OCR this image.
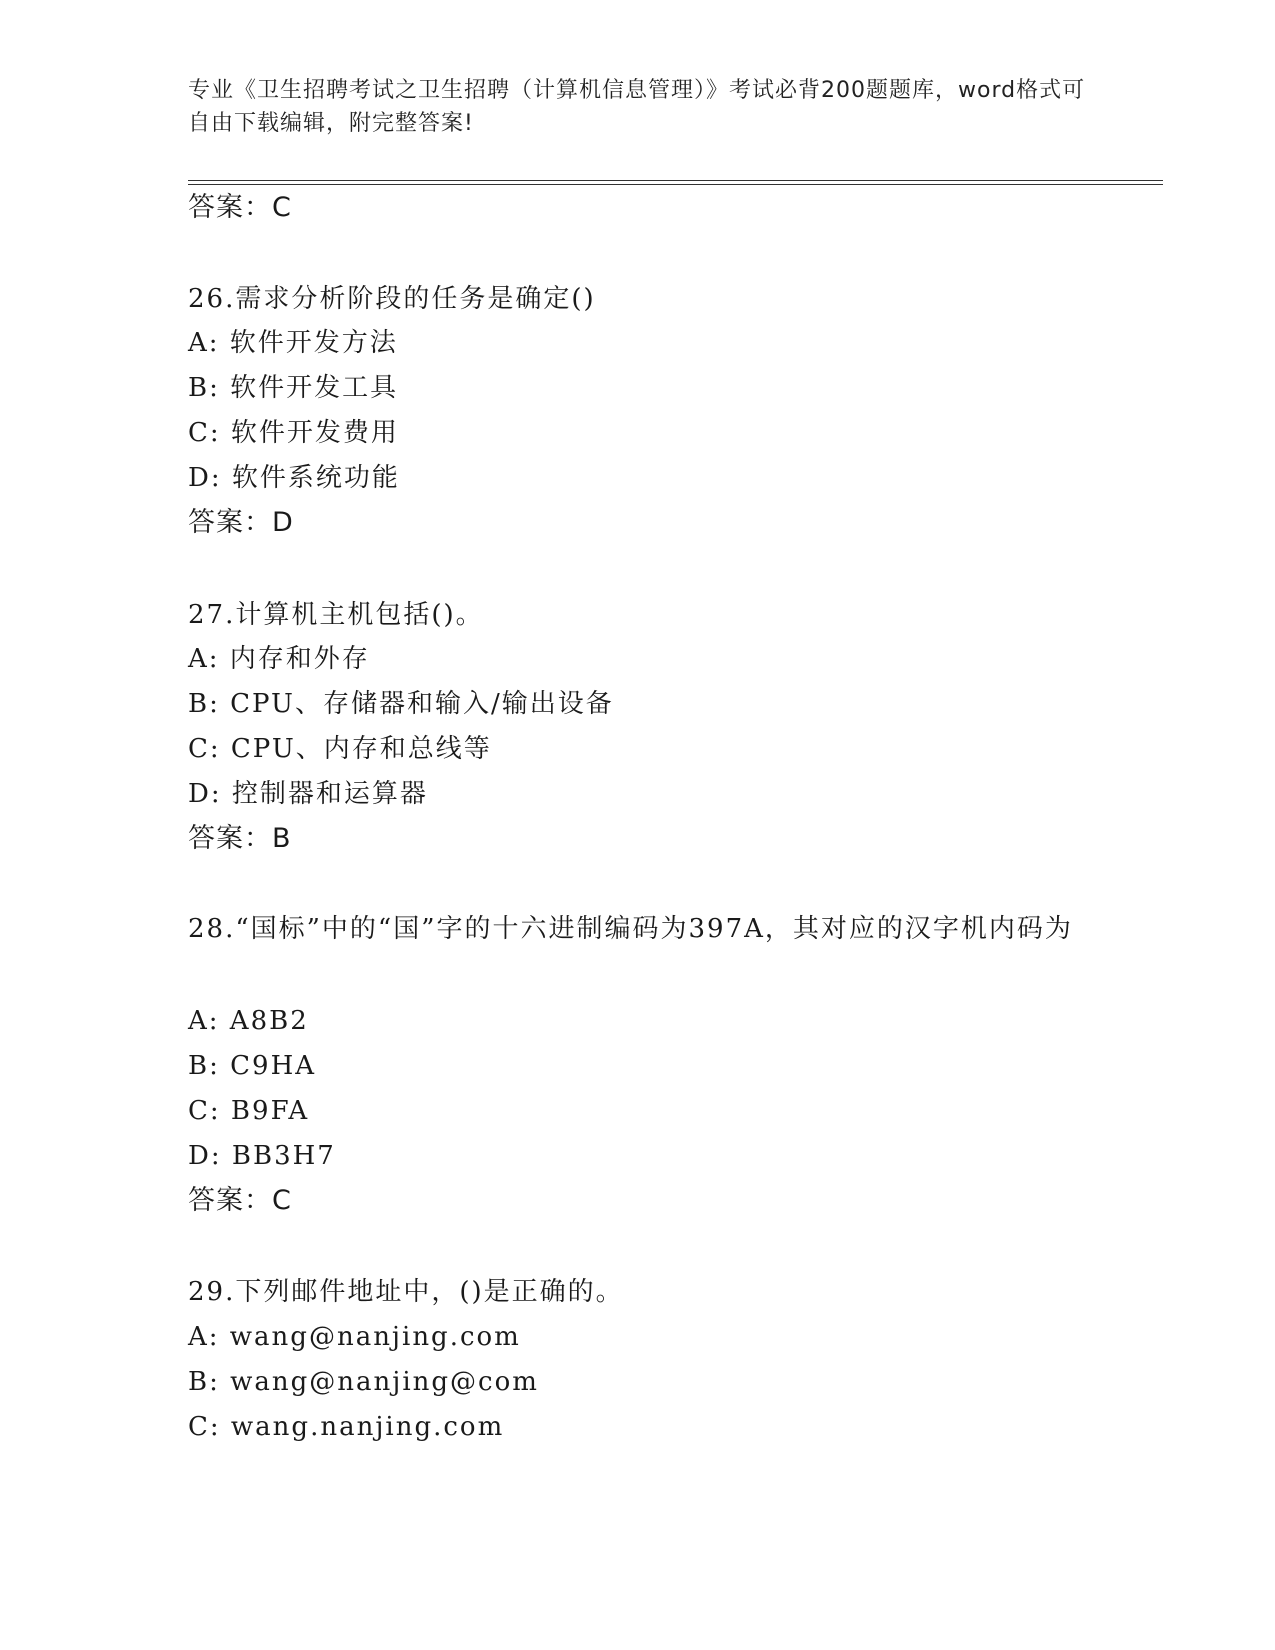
专业《卫生招聘考试之卫生招聘（计算机信息管理）》考试必背200题题库，word格式可自由下载编辑，附完整答案!
答案：C
26.需求分析阶段的任务是确定()
A: 软件开发方法
B: 软件开发工具
C: 软件开发费用
D: 软件系统功能
答案：D
27.计算机主机包括()。
A: 内存和外存
B: CPU、存储器和输入/输出设备
C: CPU、内存和总线等
D: 控制器和运算器
答案：B
28.“国标”中的“国”字的十六进制编码为397A，其对应的汉字机内码为
A: A8B2
B: C9HA
C: B9FA
D: BB3H7
答案：C
29.下列邮件地址中，()是正确的。
A: wang@nanjing.com
B: wang@nanjing@com
C: wang.nanjing.com
